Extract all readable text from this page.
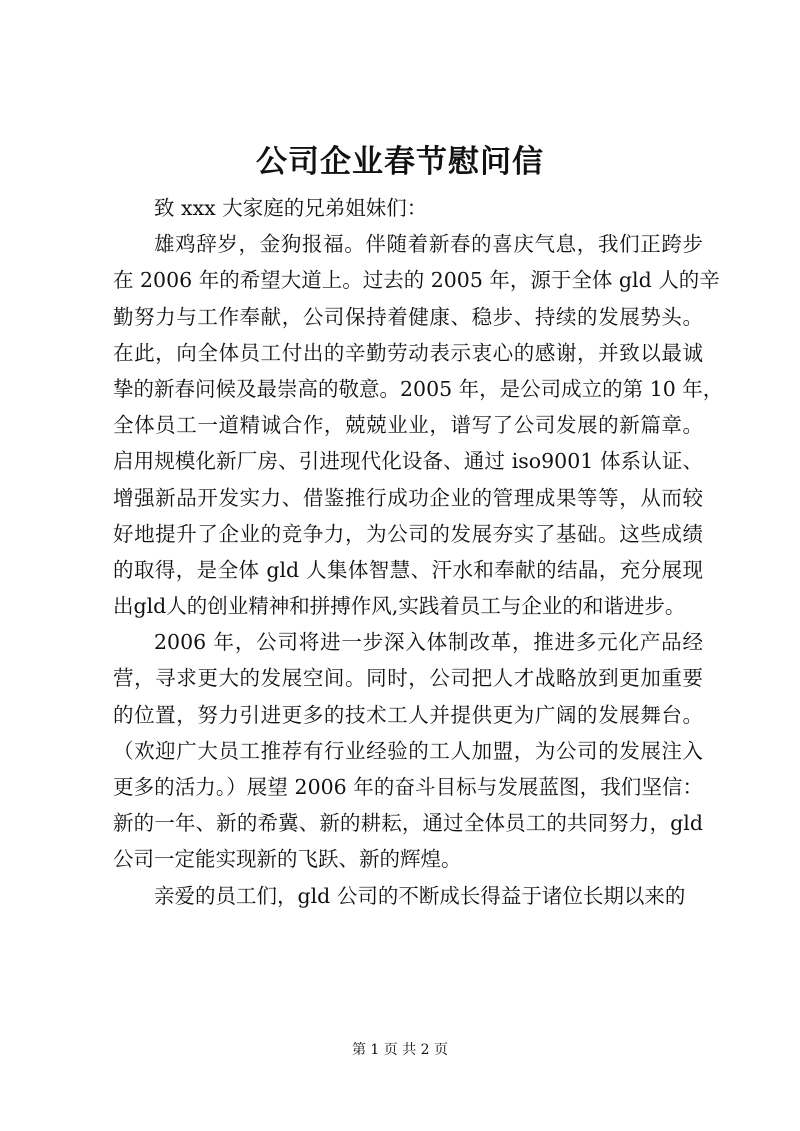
公司企业春节慰问信
致 xxx 大家庭的兄弟姐妹们：
雄鸡辞岁，金狗报福。伴随着新春的喜庆气息，我们正跨步
在 2006 年的希望大道上。过去的 2005 年，源于全体 gld 人的辛
勤努力与工作奉献，公司保持着健康、稳步、持续的发展势头。
在此，向全体员工付出的辛勤劳动表示衷心的感谢，并致以最诚
挚的新春问候及最崇高的敬意。2005 年，是公司成立的第 10 年，
全体员工一道精诚合作，兢兢业业，谱写了公司发展的新篇章。
启用规模化新厂房、引进现代化设备、通过 iso9001 体系认证、
增强新品开发实力、借鉴推行成功企业的管理成果等等，从而较
好地提升了企业的竞争力，为公司的发展夯实了基础。这些成绩
的取得，是全体 gld 人集体智慧、汗水和奉献的结晶，充分展现
出gld人的创业精神和拼搏作风,实践着员工与企业的和谐进步。
2006 年，公司将进一步深入体制改革，推进多元化产品经
营，寻求更大的发展空间。同时，公司把人才战略放到更加重要
的位置，努力引进更多的技术工人并提供更为广阔的发展舞台。
（欢迎广大员工推荐有行业经验的工人加盟，为公司的发展注入
更多的活力。）展望 2006 年的奋斗目标与发展蓝图，我们坚信：
新的一年、新的希冀、新的耕耘，通过全体员工的共同努力，gld
公司一定能实现新的飞跃、新的辉煌。
亲爱的员工们，gld 公司的不断成长得益于诸位长期以来的
第 1 页 共 2 页
